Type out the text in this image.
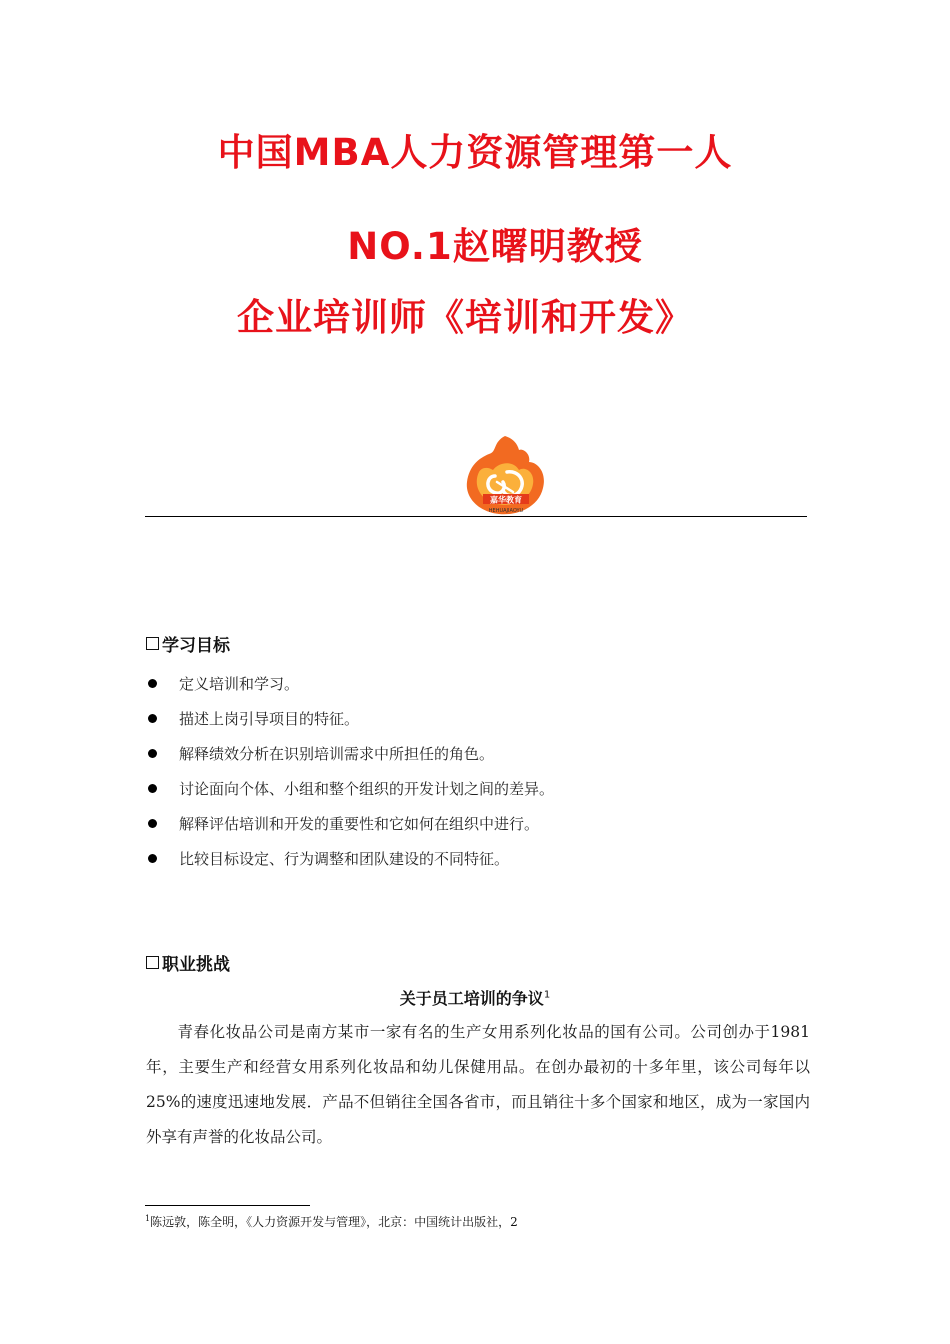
中国MBA人力资源管理第一人
NO.1赵曙明教授
企业培训师《培训和开发》
嘉华教育
HEHUAJIAOYU
学习目标
定义培训和学习。
描述上岗引导项目的特征。
解释绩效分析在识别培训需求中所担任的角色。
讨论面向个体、小组和整个组织的开发计划之间的差异。
解释评估培训和开发的重要性和它如何在组织中进行。
比较目标设定、行为调整和团队建设的不同特征。
职业挑战
关于员工培训的争议$^1$

青春化妆品公司是南方某市一家有名的生产女用系列化妆品的国有公司。公司创办于1981年，主要生产和经营女用系列化妆品和幼儿保健用品。在创办最初的十多年里，该公司每年以25%的速度迅速地发展．产品不但销往全国各省市，而且销往十多个国家和地区，成为一家国内外享有声誉的化妆品公司。

$^1$陈远敦，陈全明，《人力资源开发与管理》，北京：中国统计出版社，2
